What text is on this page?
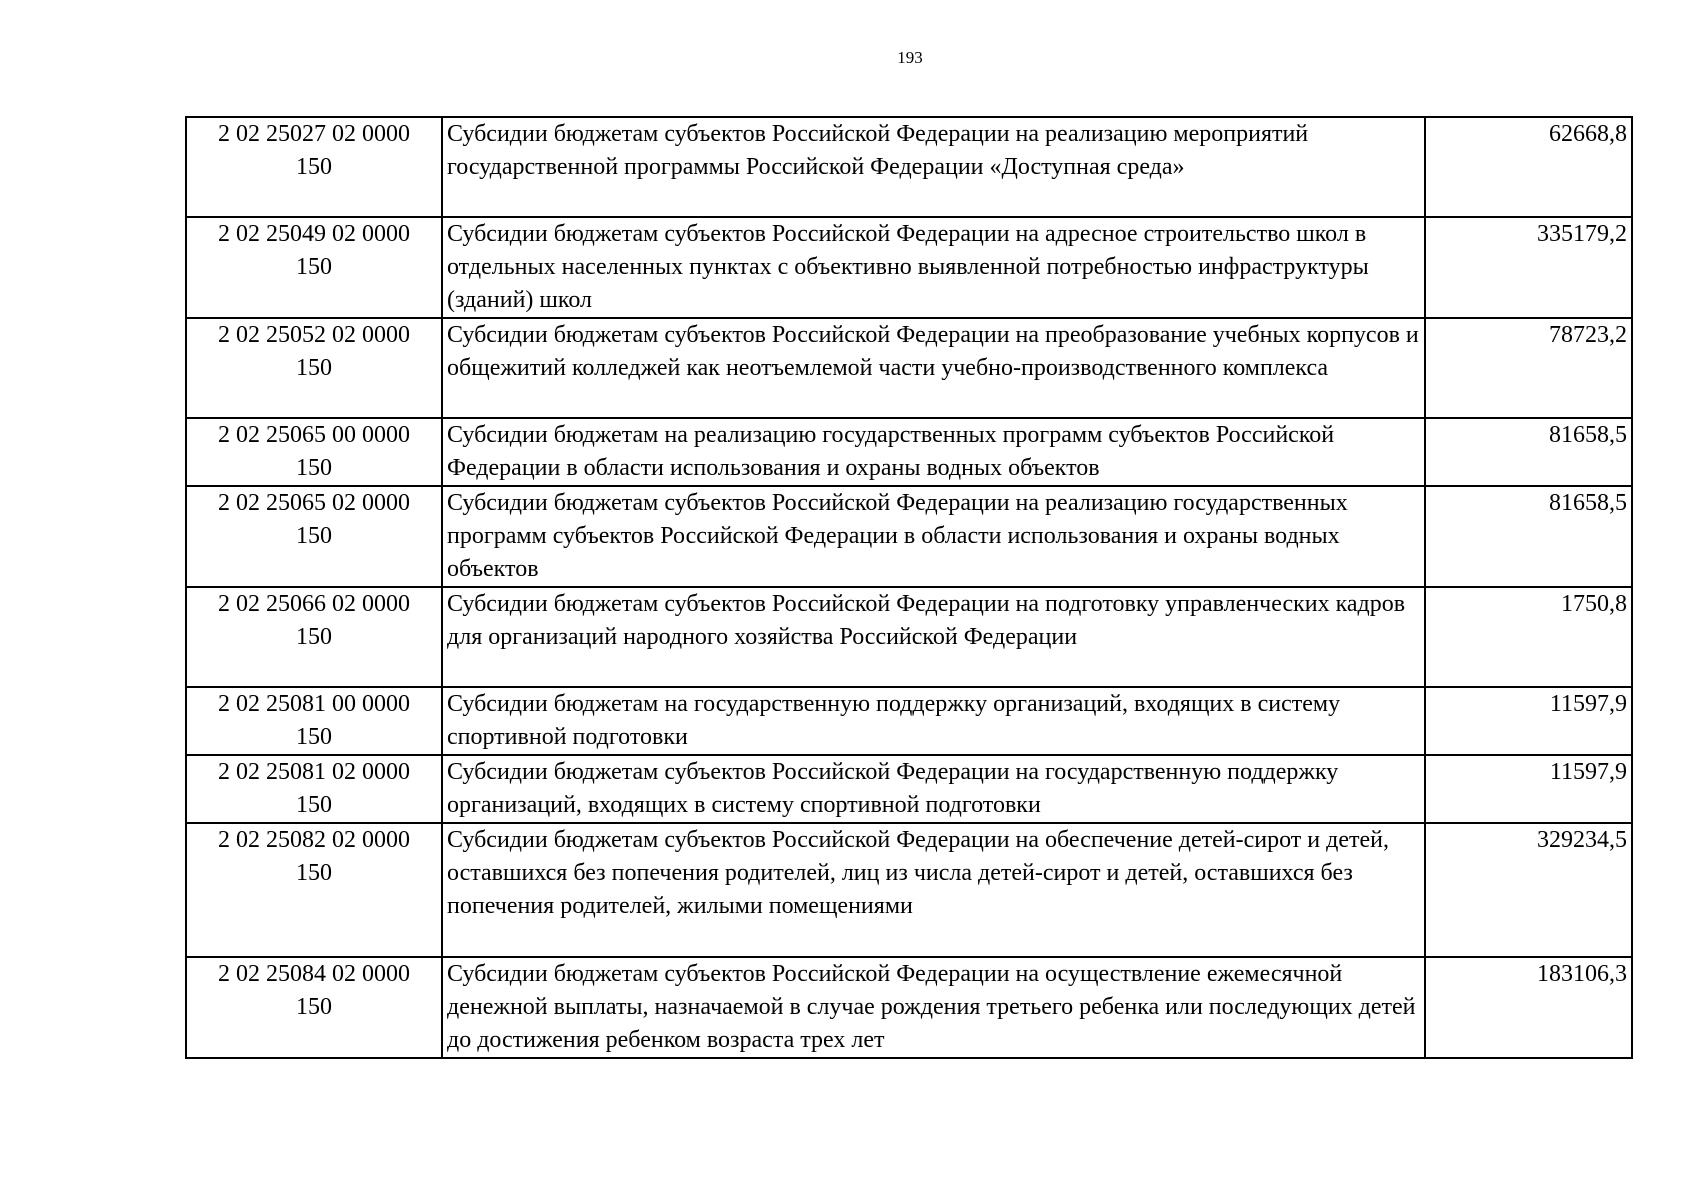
193
2 02 25027 02 0000
150	Субсидии бюджетам субъектов Российской Федерации на реализацию мероприятий государственной программы Российской Федерации «Доступная среда»	62668,8
2 02 25049 02 0000
150	Субсидии бюджетам субъектов Российской Федерации на адресное строительство школ в отдельных населенных пунктах с объективно выявленной потребностью инфраструктуры (зданий) школ	335179,2
2 02 25052 02 0000
150	Субсидии бюджетам субъектов Российской Федерации на преобразование учебных корпусов и общежитий колледжей как неотъемлемой части учебно-производственного комплекса	78723,2
2 02 25065 00 0000
150	Субсидии бюджетам на реализацию государственных программ субъектов Российской Федерации в области использования и охраны водных объектов	81658,5
2 02 25065 02 0000
150	Субсидии бюджетам субъектов Российской Федерации на реализацию государственных программ субъектов Российской Федерации в области использования и охраны водных объектов	81658,5
2 02 25066 02 0000
150	Субсидии бюджетам субъектов Российской Федерации на подготовку управленческих кадров для организаций народного хозяйства Российской Федерации	1750,8
2 02 25081 00 0000
150	Субсидии бюджетам на государственную поддержку организаций, входящих в систему спортивной подготовки	11597,9
2 02 25081 02 0000
150	Субсидии бюджетам субъектов Российской Федерации на государственную поддержку организаций, входящих в систему спортивной подготовки	11597,9
2 02 25082 02 0000
150	Субсидии бюджетам субъектов Российской Федерации на обеспечение детей-сирот и детей, оставшихся без попечения родителей, лиц из числа детей-сирот и детей, оставшихся без попечения родителей, жилыми помещениями	329234,5
2 02 25084 02 0000
150	Субсидии бюджетам субъектов Российской Федерации на осуществление ежемесячной денежной выплаты, назначаемой в случае рождения третьего ребенка или последующих детей до достижения ребенком возраста трех лет	183106,3
